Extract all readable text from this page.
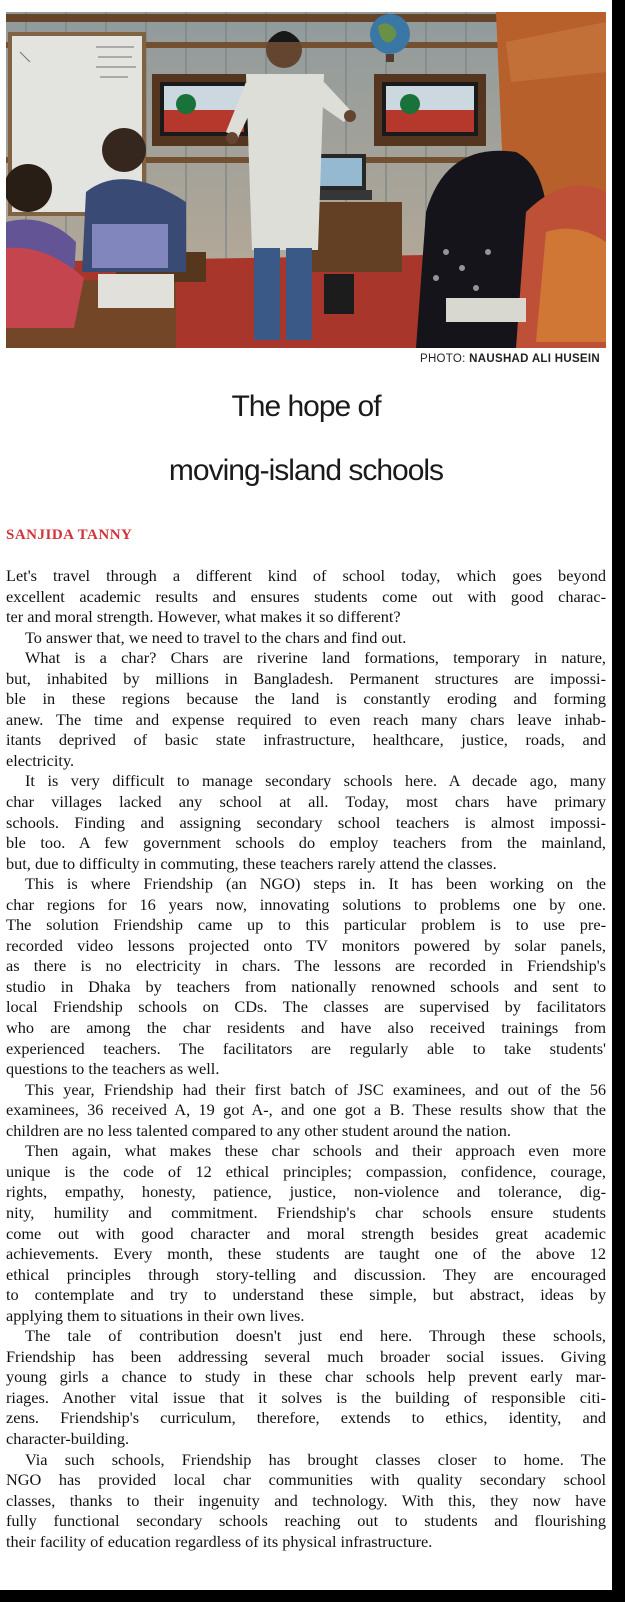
PHOTO: NAUSHAD ALI HUSEIN
The hope of
moving-island schools
SANJIDA TANNY
Let's travel through a different kind of school today, which goes beyond
excellent academic results and ensures students come out with good charac-
ter and moral strength. However, what makes it so different?
To answer that, we need to travel to the chars and find out.
What is a char? Chars are riverine land formations, temporary in nature,
but, inhabited by millions in Bangladesh. Permanent structures are impossi-
ble in these regions because the land is constantly eroding and forming
anew. The time and expense required to even reach many chars leave inhab-
itants deprived of basic state infrastructure, healthcare, justice, roads, and
electricity.
It is very difficult to manage secondary schools here. A decade ago, many
char villages lacked any school at all. Today, most chars have primary
schools. Finding and assigning secondary school teachers is almost impossi-
ble too. A few government schools do employ teachers from the mainland,
but, due to difficulty in commuting, these teachers rarely attend the classes.
This is where Friendship (an NGO) steps in. It has been working on the
char regions for 16 years now, innovating solutions to problems one by one.
The solution Friendship came up to this particular problem is to use pre-
recorded video lessons projected onto TV monitors powered by solar panels,
as there is no electricity in chars. The lessons are recorded in Friendship's
studio in Dhaka by teachers from nationally renowned schools and sent to
local Friendship schools on CDs. The classes are supervised by facilitators
who are among the char residents and have also received trainings from
experienced teachers. The facilitators are regularly able to take students'
questions to the teachers as well.
This year, Friendship had their first batch of JSC examinees, and out of the 56
examinees, 36 received A, 19 got A-, and one got a B. These results show that the
children are no less talented compared to any other student around the nation.
Then again, what makes these char schools and their approach even more
unique is the code of 12 ethical principles; compassion, confidence, courage,
rights, empathy, honesty, patience, justice, non-violence and tolerance, dig-
nity, humility and commitment. Friendship's char schools ensure students
come out with good character and moral strength besides great academic
achievements. Every month, these students are taught one of the above 12
ethical principles through story-telling and discussion. They are encouraged
to contemplate and try to understand these simple, but abstract, ideas by
applying them to situations in their own lives.
The tale of contribution doesn't just end here. Through these schools,
Friendship has been addressing several much broader social issues. Giving
young girls a chance to study in these char schools help prevent early mar-
riages. Another vital issue that it solves is the building of responsible citi-
zens. Friendship's curriculum, therefore, extends to ethics, identity, and
character-building.
Via such schools, Friendship has brought classes closer to home. The
NGO has provided local char communities with quality secondary school
classes, thanks to their ingenuity and technology. With this, they now have
fully functional secondary schools reaching out to students and flourishing
their facility of education regardless of its physical infrastructure.
